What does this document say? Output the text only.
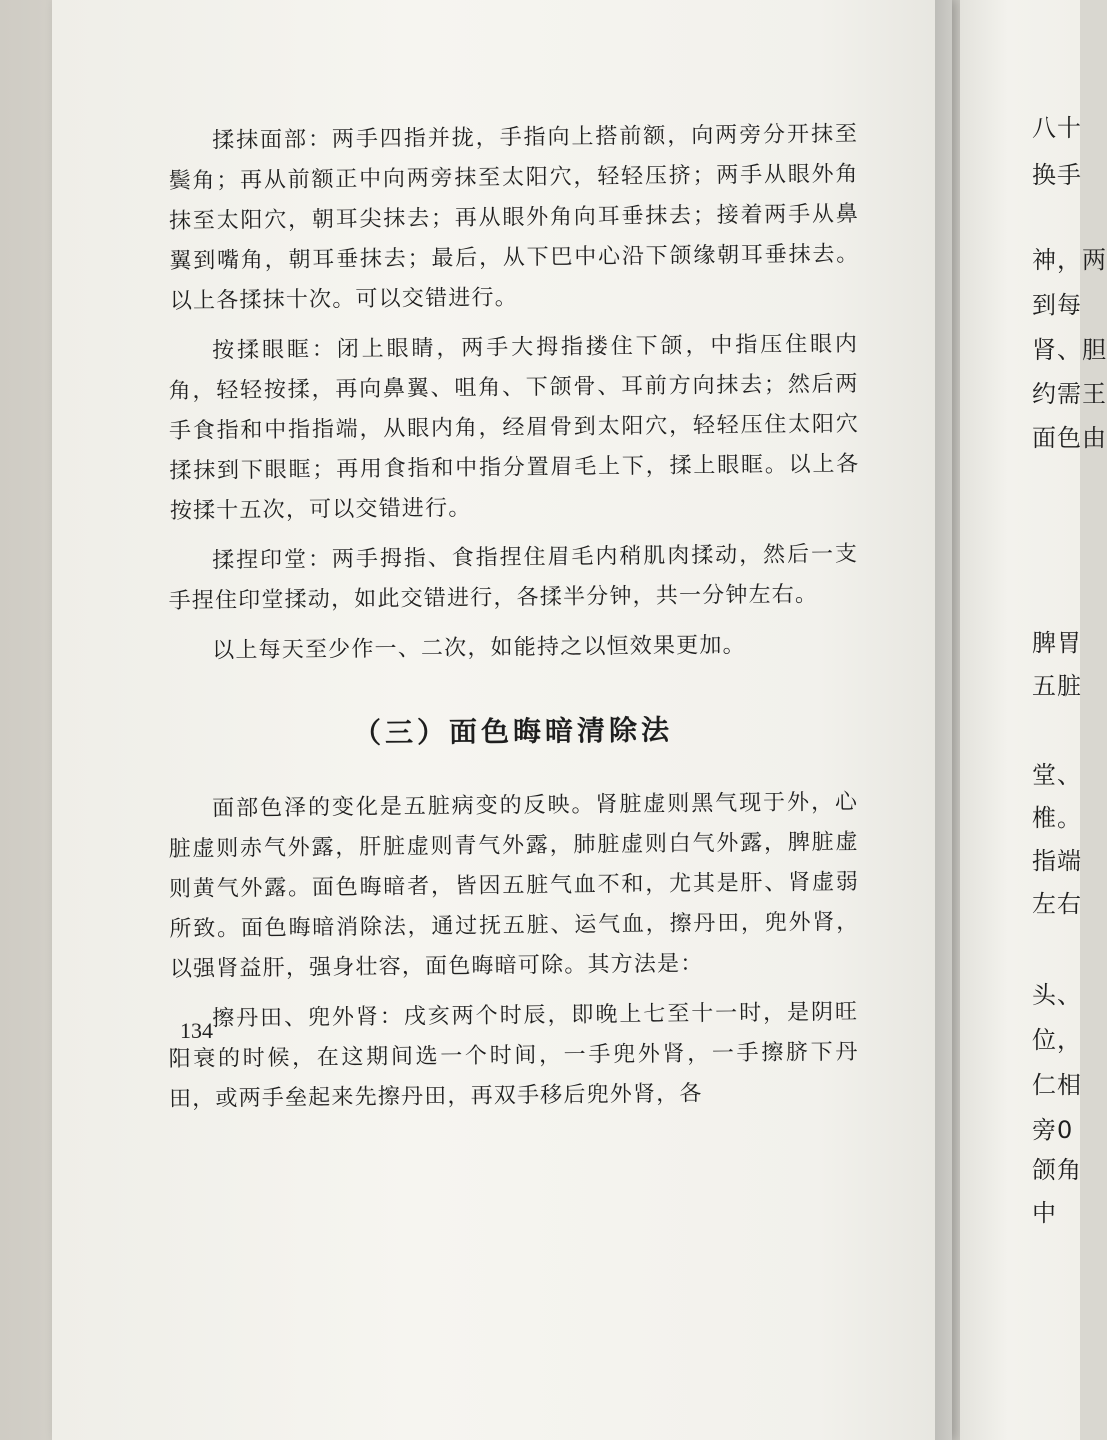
揉抹面部：两手四指并拢，手指向上搭前额，向两旁分开抹至鬓角；再从前额正中向两旁抹至太阳穴，轻轻压挤；两手从眼外角抹至太阳穴，朝耳尖抹去；再从眼外角向耳垂抹去；接着两手从鼻翼到嘴角，朝耳垂抹去；最后，从下巴中心沿下颌缘朝耳垂抹去。以上各揉抹十次。可以交错进行。

按揉眼眶：闭上眼睛，两手大拇指搂住下颌，中指压住眼内角，轻轻按揉，再向鼻翼、咀角、下颌骨、耳前方向抹去；然后两手食指和中指指端，从眼内角，经眉骨到太阳穴，轻轻压住太阳穴揉抹到下眼眶；再用食指和中指分置眉毛上下，揉上眼眶。以上各按揉十五次，可以交错进行。

揉捏印堂：两手拇指、食指捏住眉毛内稍肌肉揉动，然后一支手捏住印堂揉动，如此交错进行，各揉半分钟，共一分钟左右。

以上每天至少作一、二次，如能持之以恒效果更加。

（三）面色晦暗清除法

面部色泽的变化是五脏病变的反映。肾脏虚则黑气现于外，心脏虚则赤气外露，肝脏虚则青气外露，肺脏虚则白气外露，脾脏虚则黄气外露。面色晦暗者，皆因五脏气血不和，尤其是肝、肾虚弱所致。面色晦暗消除法，通过抚五脏、运气血，擦丹田，兜外肾，以强肾益肝，强身壮容，面色晦暗可除。其方法是：

擦丹田、兜外肾：戌亥两个时辰，即晚上七至十一时，是阴旺阳衰的时候，在这期间选一个时间，一手兜外肾，一手擦脐下丹田，或两手垒起来先擦丹田，再双手移后兜外肾，各

134
八十
换手
神，两
到每
肾、胆
约需王
面色由
脾胃
五脏
堂、
椎。
指端
左右
头、
位，
仁相
旁0
颌角
中
